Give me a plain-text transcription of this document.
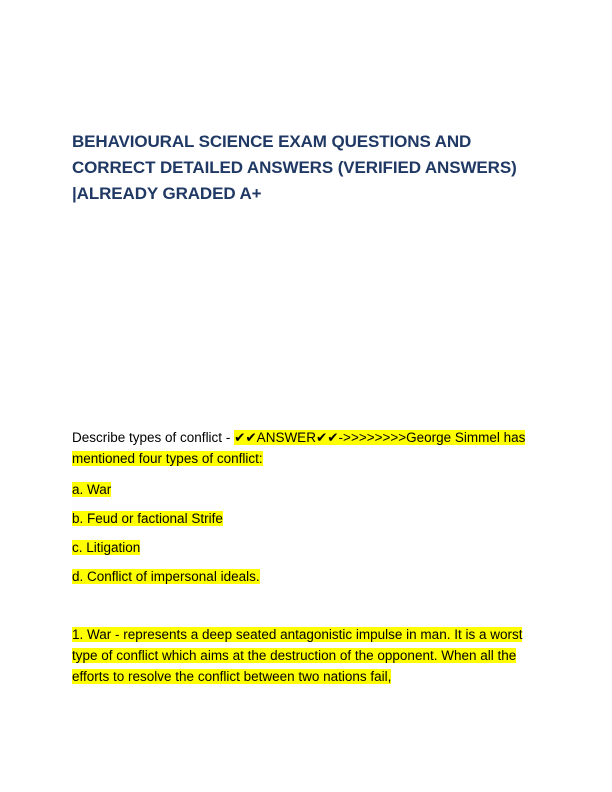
BEHAVIOURAL SCIENCE EXAM QUESTIONS AND CORRECT DETAILED ANSWERS (VERIFIED ANSWERS) |ALREADY GRADED A+
Describe types of conflict - ✔✔ANSWER✔✔->>>>>>>>George Simmel has mentioned four types of conflict:
a. War
b. Feud or factional Strife
c. Litigation
d. Conflict of impersonal ideals.
1. War - represents a deep seated antagonistic impulse in man. It is a worst type of conflict which aims at the destruction of the opponent. When all the efforts to resolve the conflict between two nations fail,
